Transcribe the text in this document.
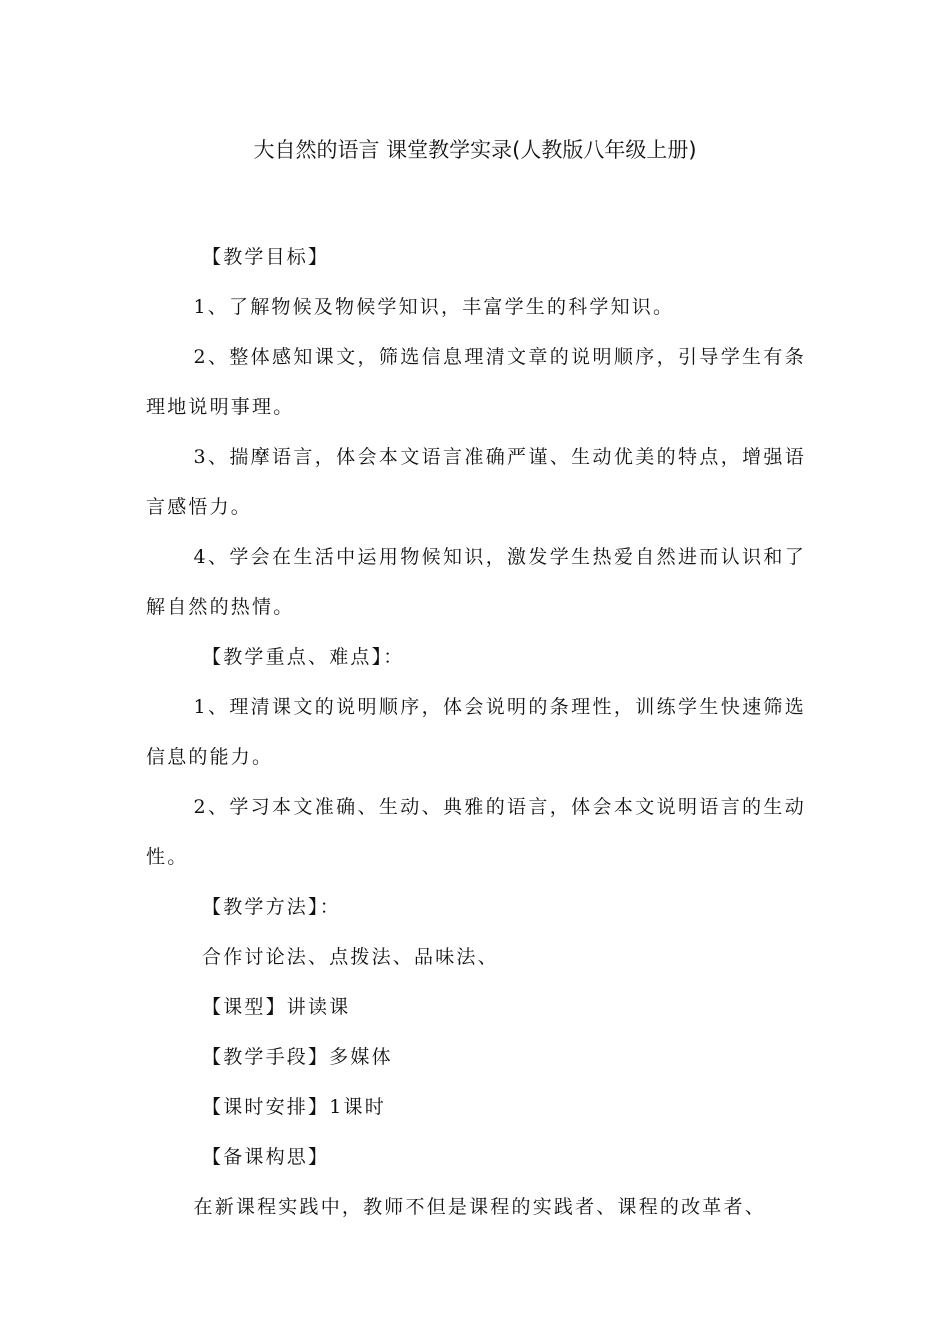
大自然的语言 课堂教学实录(人教版八年级上册)

【教学目标】

1、了解物候及物候学知识，丰富学生的科学知识。

2、整体感知课文，筛选信息理清文章的说明顺序，引导学生有条理地说明事理。

3、揣摩语言，体会本文语言准确严谨、生动优美的特点，增强语言感悟力。

4、学会在生活中运用物候知识，激发学生热爱自然进而认识和了解自然的热情。

【教学重点、难点】：

1、理清课文的说明顺序，体会说明的条理性，训练学生快速筛选信息的能力。

2、学习本文准确、生动、典雅的语言，体会本文说明语言的生动性。

【教学方法】：

合作讨论法、点拨法、品味法、

【课型】讲读课

【教学手段】多媒体

【课时安排】1课时

【备课构思】

在新课程实践中，教师不但是课程的实践者、课程的改革者、
